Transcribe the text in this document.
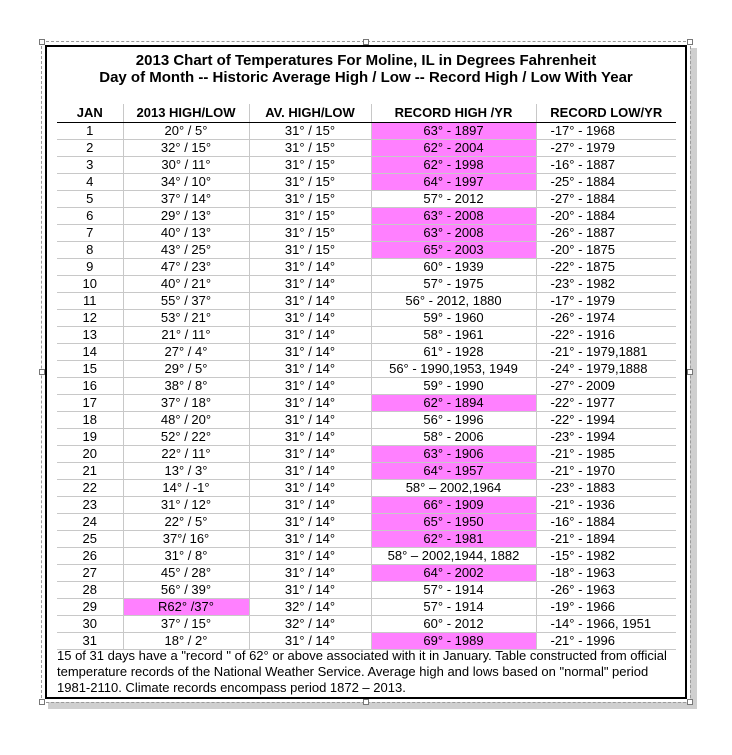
2013 Chart of Temperatures For Moline, IL in Degrees Fahrenheit
Day of Month -- Historic Average High / Low -- Record High / Low With Year
JAN	2013 HIGH/LOW	AV. HIGH/LOW	RECORD HIGH /YR	RECORD LOW/YR
1	20° / 5°	31° / 15°	63° - 1897	-17° - 1968
2	32° / 15°	31° / 15°	62° - 2004	-27° - 1979
3	30° / 11°	31° / 15°	62° - 1998	-16° - 1887
4	34° / 10°	31° / 15°	64° - 1997	-25° - 1884
5	37° / 14°	31° / 15°	57° - 2012	-27° - 1884
6	29° / 13°	31° / 15°	63° - 2008	-20° - 1884
7	40° / 13°	31° / 15°	63° - 2008	-26° - 1887
8	43° / 25°	31° / 15°	65° - 2003	-20° - 1875
9	47° / 23°	31° / 14°	60° - 1939	-22° - 1875
10	40° / 21°	31° / 14°	57° - 1975	-23° - 1982
11	55° / 37°	31° / 14°	56° - 2012, 1880	-17° - 1979
12	53° / 21°	31° / 14°	59° - 1960	-26° - 1974
13	21° / 11°	31° / 14°	58° - 1961	-22° - 1916
14	27° / 4°	31° / 14°	61° - 1928	-21° - 1979,1881
15	29° / 5°	31° / 14°	56° - 1990,1953, 1949	-24° - 1979,1888
16	38° / 8°	31° / 14°	59° - 1990	-27° - 2009
17	37° / 18°	31° / 14°	62° - 1894	-22° - 1977
18	48° / 20°	31° / 14°	56° - 1996	-22° - 1994
19	52° / 22°	31° / 14°	58° - 2006	-23° - 1994
20	22° / 11°	31° / 14°	63° - 1906	-21° - 1985
21	13° / 3°	31° / 14°	64° - 1957	-21° - 1970
22	14° / -1°	31° / 14°	58° – 2002,1964	-23° - 1883
23	31° / 12°	31° / 14°	66° - 1909	-21° - 1936
24	22° / 5°	31° / 14°	65° - 1950	-16° - 1884
25	37°/ 16°	31° / 14°	62° - 1981	-21° - 1894
26	31° / 8°	31° / 14°	58° – 2002,1944, 1882	-15° - 1982
27	45° / 28°	31° / 14°	64° - 2002	-18° - 1963
28	56° / 39°	31° / 14°	57° - 1914	-26° - 1963
29	R62° /37°	32° / 14°	57° - 1914	-19° - 1966
30	37° / 15°	32° / 14°	60° - 2012	-14° - 1966, 1951
31	18° / 2°	31° / 14°	69° - 1989	-21° - 1996
15 of 31 days have a "record " of 62° or above associated with it in January. Table constructed from official temperature records of the National Weather Service. Average high and lows based on "normal" period 1981-2110. Climate records encompass period 1872 – 2013.
